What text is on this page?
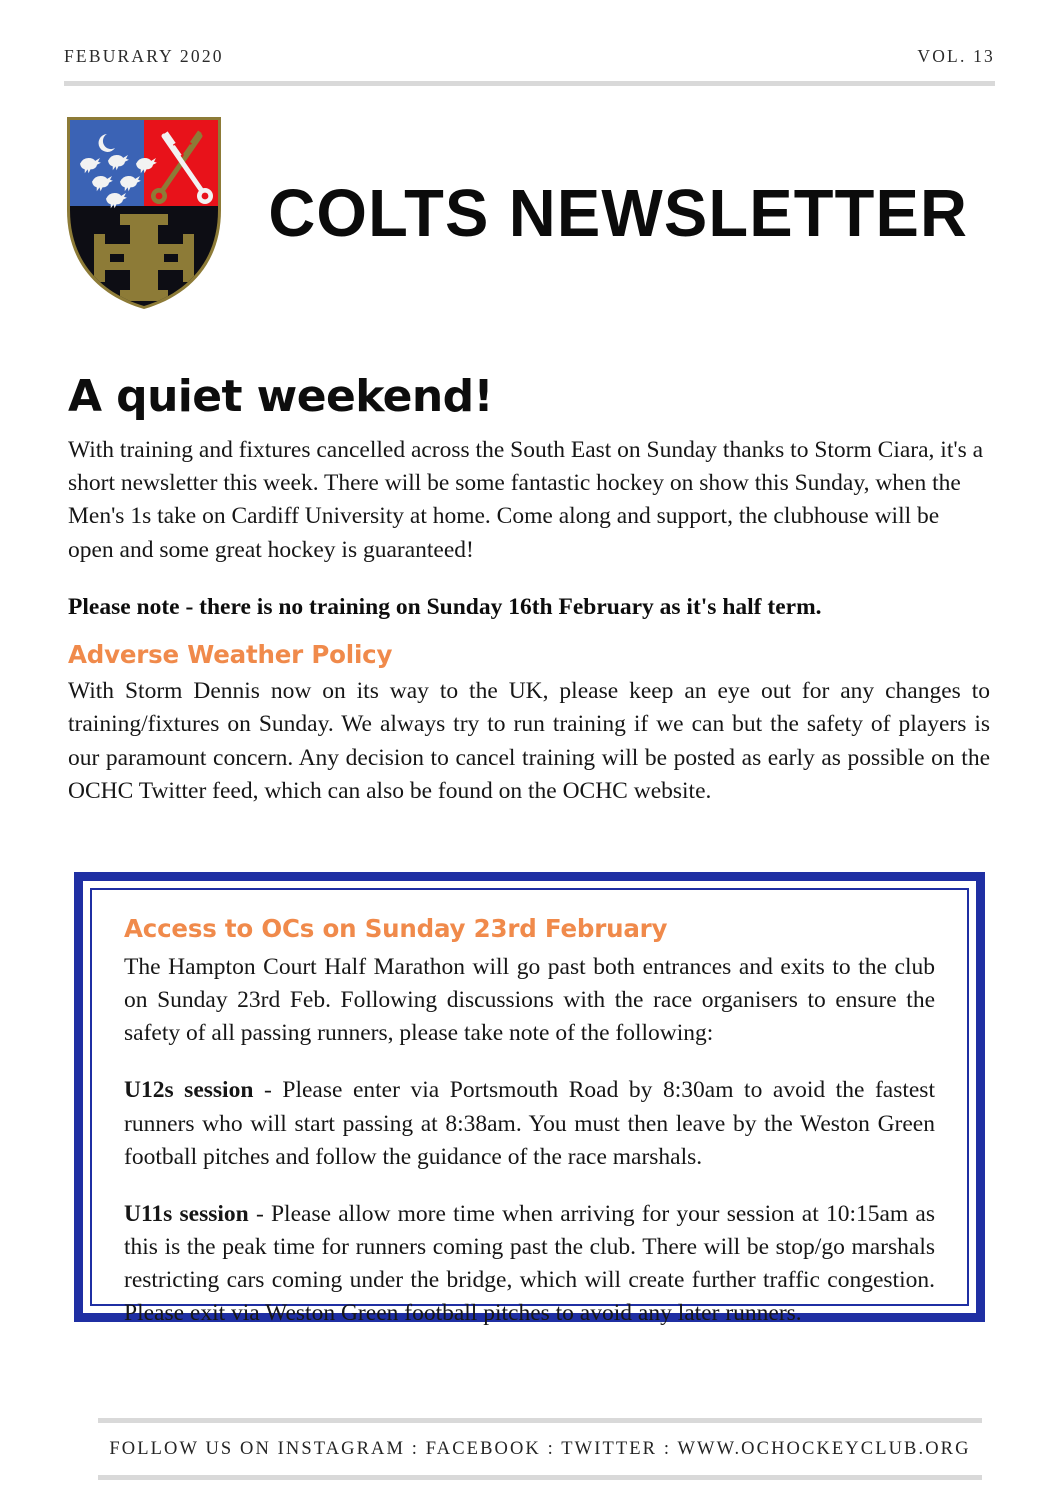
FEBURARY 2020	VOL. 13
COLTS NEWSLETTER
A quiet weekend!

With training and fixtures cancelled across the South East on Sunday thanks to Storm Ciara, it's a short newsletter this week. There will be some fantastic hockey on show this Sunday, when the Men's 1s take on Cardiff University at home. Come along and support, the clubhouse will be open and some great hockey is guaranteed!

Please note - there is no training on Sunday 16th February as it's half term.

Adverse Weather Policy

With Storm Dennis now on its way to the UK, please keep an eye out for any changes to training/fixtures on Sunday. We always try to run training if we can but the safety of players is our paramount concern. Any decision to cancel training will be posted as early as possible on the OCHC Twitter feed, which can also be found on the OCHC website.

Access to OCs on Sunday 23rd February

The Hampton Court Half Marathon will go past both entrances and exits to the club on Sunday 23rd Feb. Following discussions with the race organisers to ensure the safety of all passing runners, please take note of the following:

U12s session - Please enter via Portsmouth Road by 8:30am to avoid the fastest runners who will start passing at 8:38am. You must then leave by the Weston Green football pitches and follow the guidance of the race marshals.

U11s session - Please allow more time when arriving for your session at 10:15am as this is the peak time for runners coming past the club. There will be stop/go marshals restricting cars coming under the bridge, which will create further traffic congestion. Please exit via Weston Green football pitches to avoid any later runners.

FOLLOW US ON INSTAGRAM : FACEBOOK : TWITTER : WWW.OCHOCKEYCLUB.ORG
